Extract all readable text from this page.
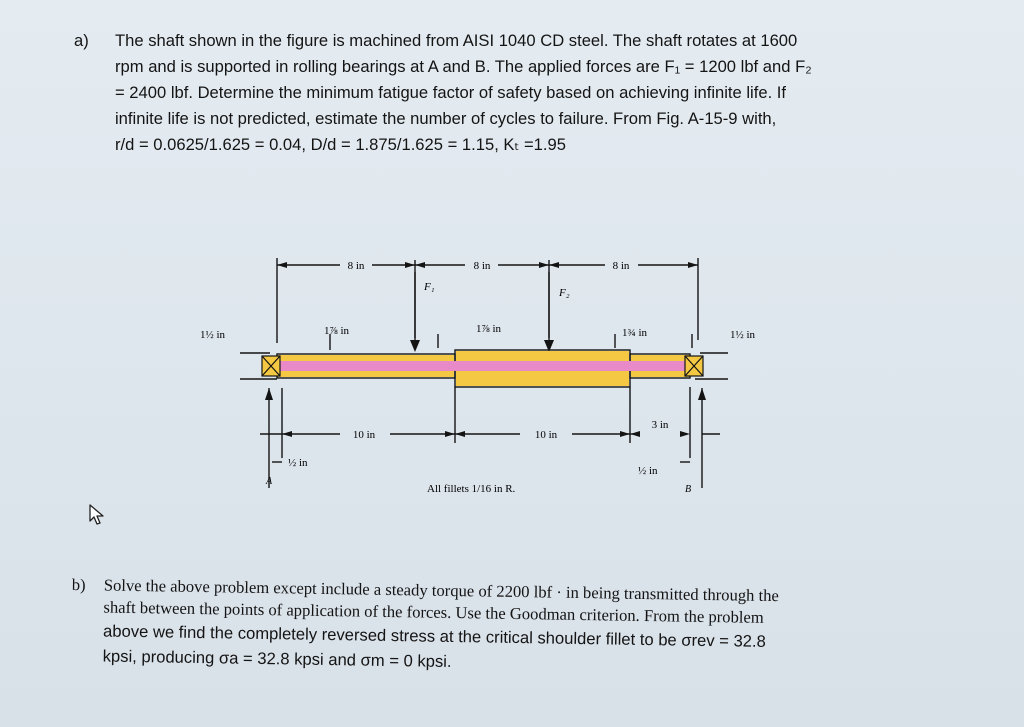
a) The shaft shown in the figure is machined from AISI 1040 CD steel. The shaft rotates at 1600
rpm and is supported in rolling bearings at A and B. The applied forces are F₁ = 1200 lbf and F₂
= 2400 lbf. Determine the minimum fatigue factor of safety based on achieving infinite life. If
infinite life is not predicted, estimate the number of cycles to failure. From Fig. A-15-9 with,
r/d = 0.0625/1.625 = 0.04, D/d = 1.875/1.625 = 1.15, Kₜ =1.95
8 in	8 in	8 in
F₁	F₂
1½ in	1⅞ in	1⅞ in	1¾ in	1½ in
10 in	10 in
3 in
½ in
½ in
A
B
All fillets 1/16 in R.
b) Solve the above problem except include a steady torque of 2200 lbf · in being transmitted through the
shaft between the points of application of the forces. Use the Goodman criterion. From the problem
above we find the completely reversed stress at the critical shoulder fillet to be σrev = 32.8
kpsi, producing σa = 32.8 kpsi and σm = 0 kpsi.
